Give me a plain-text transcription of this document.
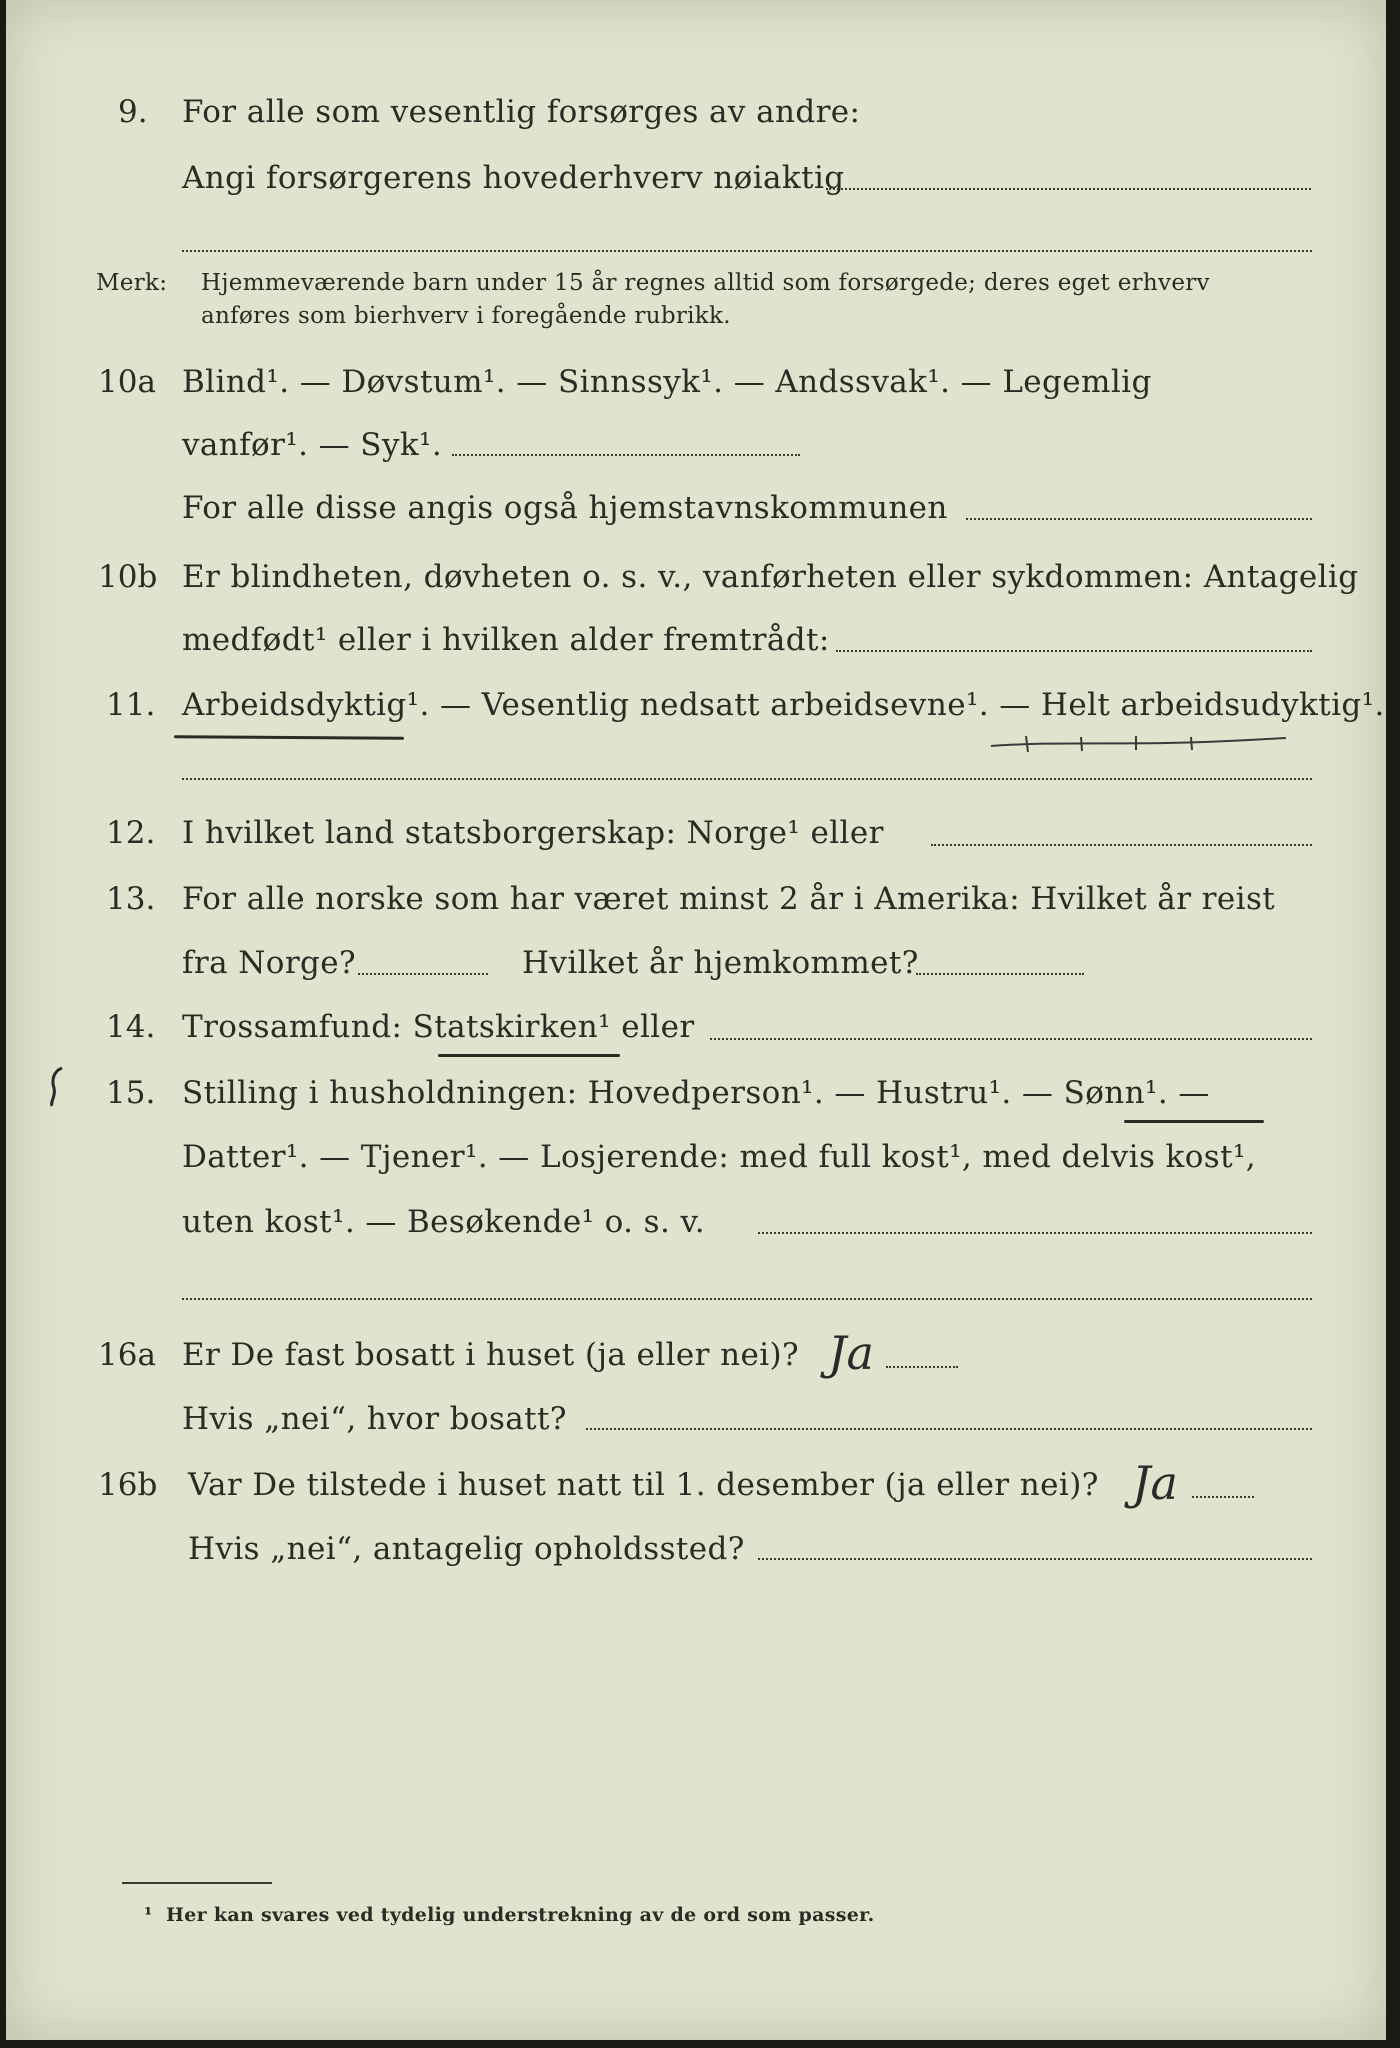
9. For alle som vesentlig forsørges av andre:
Angi forsørgerens hovederhverv nøiaktig
Merk: Hjemmeværende barn under 15 år regnes alltid som forsørgede; deres eget erhverv
anføres som bierhverv i foregående rubrikk.
10a Blind¹. — Døvstum¹. — Sinnssyk¹. — Andssvak¹. — Legemlig
vanfør¹. — Syk¹.
For alle disse angis også hjemstavnskommunen
10b Er blindheten, døvheten o. s. v., vanførheten eller sykdommen: Antagelig
medfødt¹ eller i hvilken alder fremtrådt:
11. Arbeidsdyktig¹. — Vesentlig nedsatt arbeidsevne¹. — Helt arbeidsudyktig¹.
12. I hvilket land statsborgerskap: Norge¹ eller
13. For alle norske som har været minst 2 år i Amerika: Hvilket år reist
fra Norge?	Hvilket år hjemkommet?
14. Trossamfund: Statskirken¹ eller
15. Stilling i husholdningen: Hovedperson¹. — Hustru¹. — Sønn¹. —
Datter¹. — Tjener¹. — Losjerende: med full kost¹, med delvis kost¹,
uten kost¹. — Besøkende¹ o. s. v.
16a Er De fast bosatt i huset (ja eller nei)? Ja
Hvis „nei“, hvor bosatt?
16b Var De tilstede i huset natt til 1. desember (ja eller nei)? Ja
Hvis „nei“, antagelig opholdssted?
¹ Her kan svares ved tydelig understrekning av de ord som passer.
